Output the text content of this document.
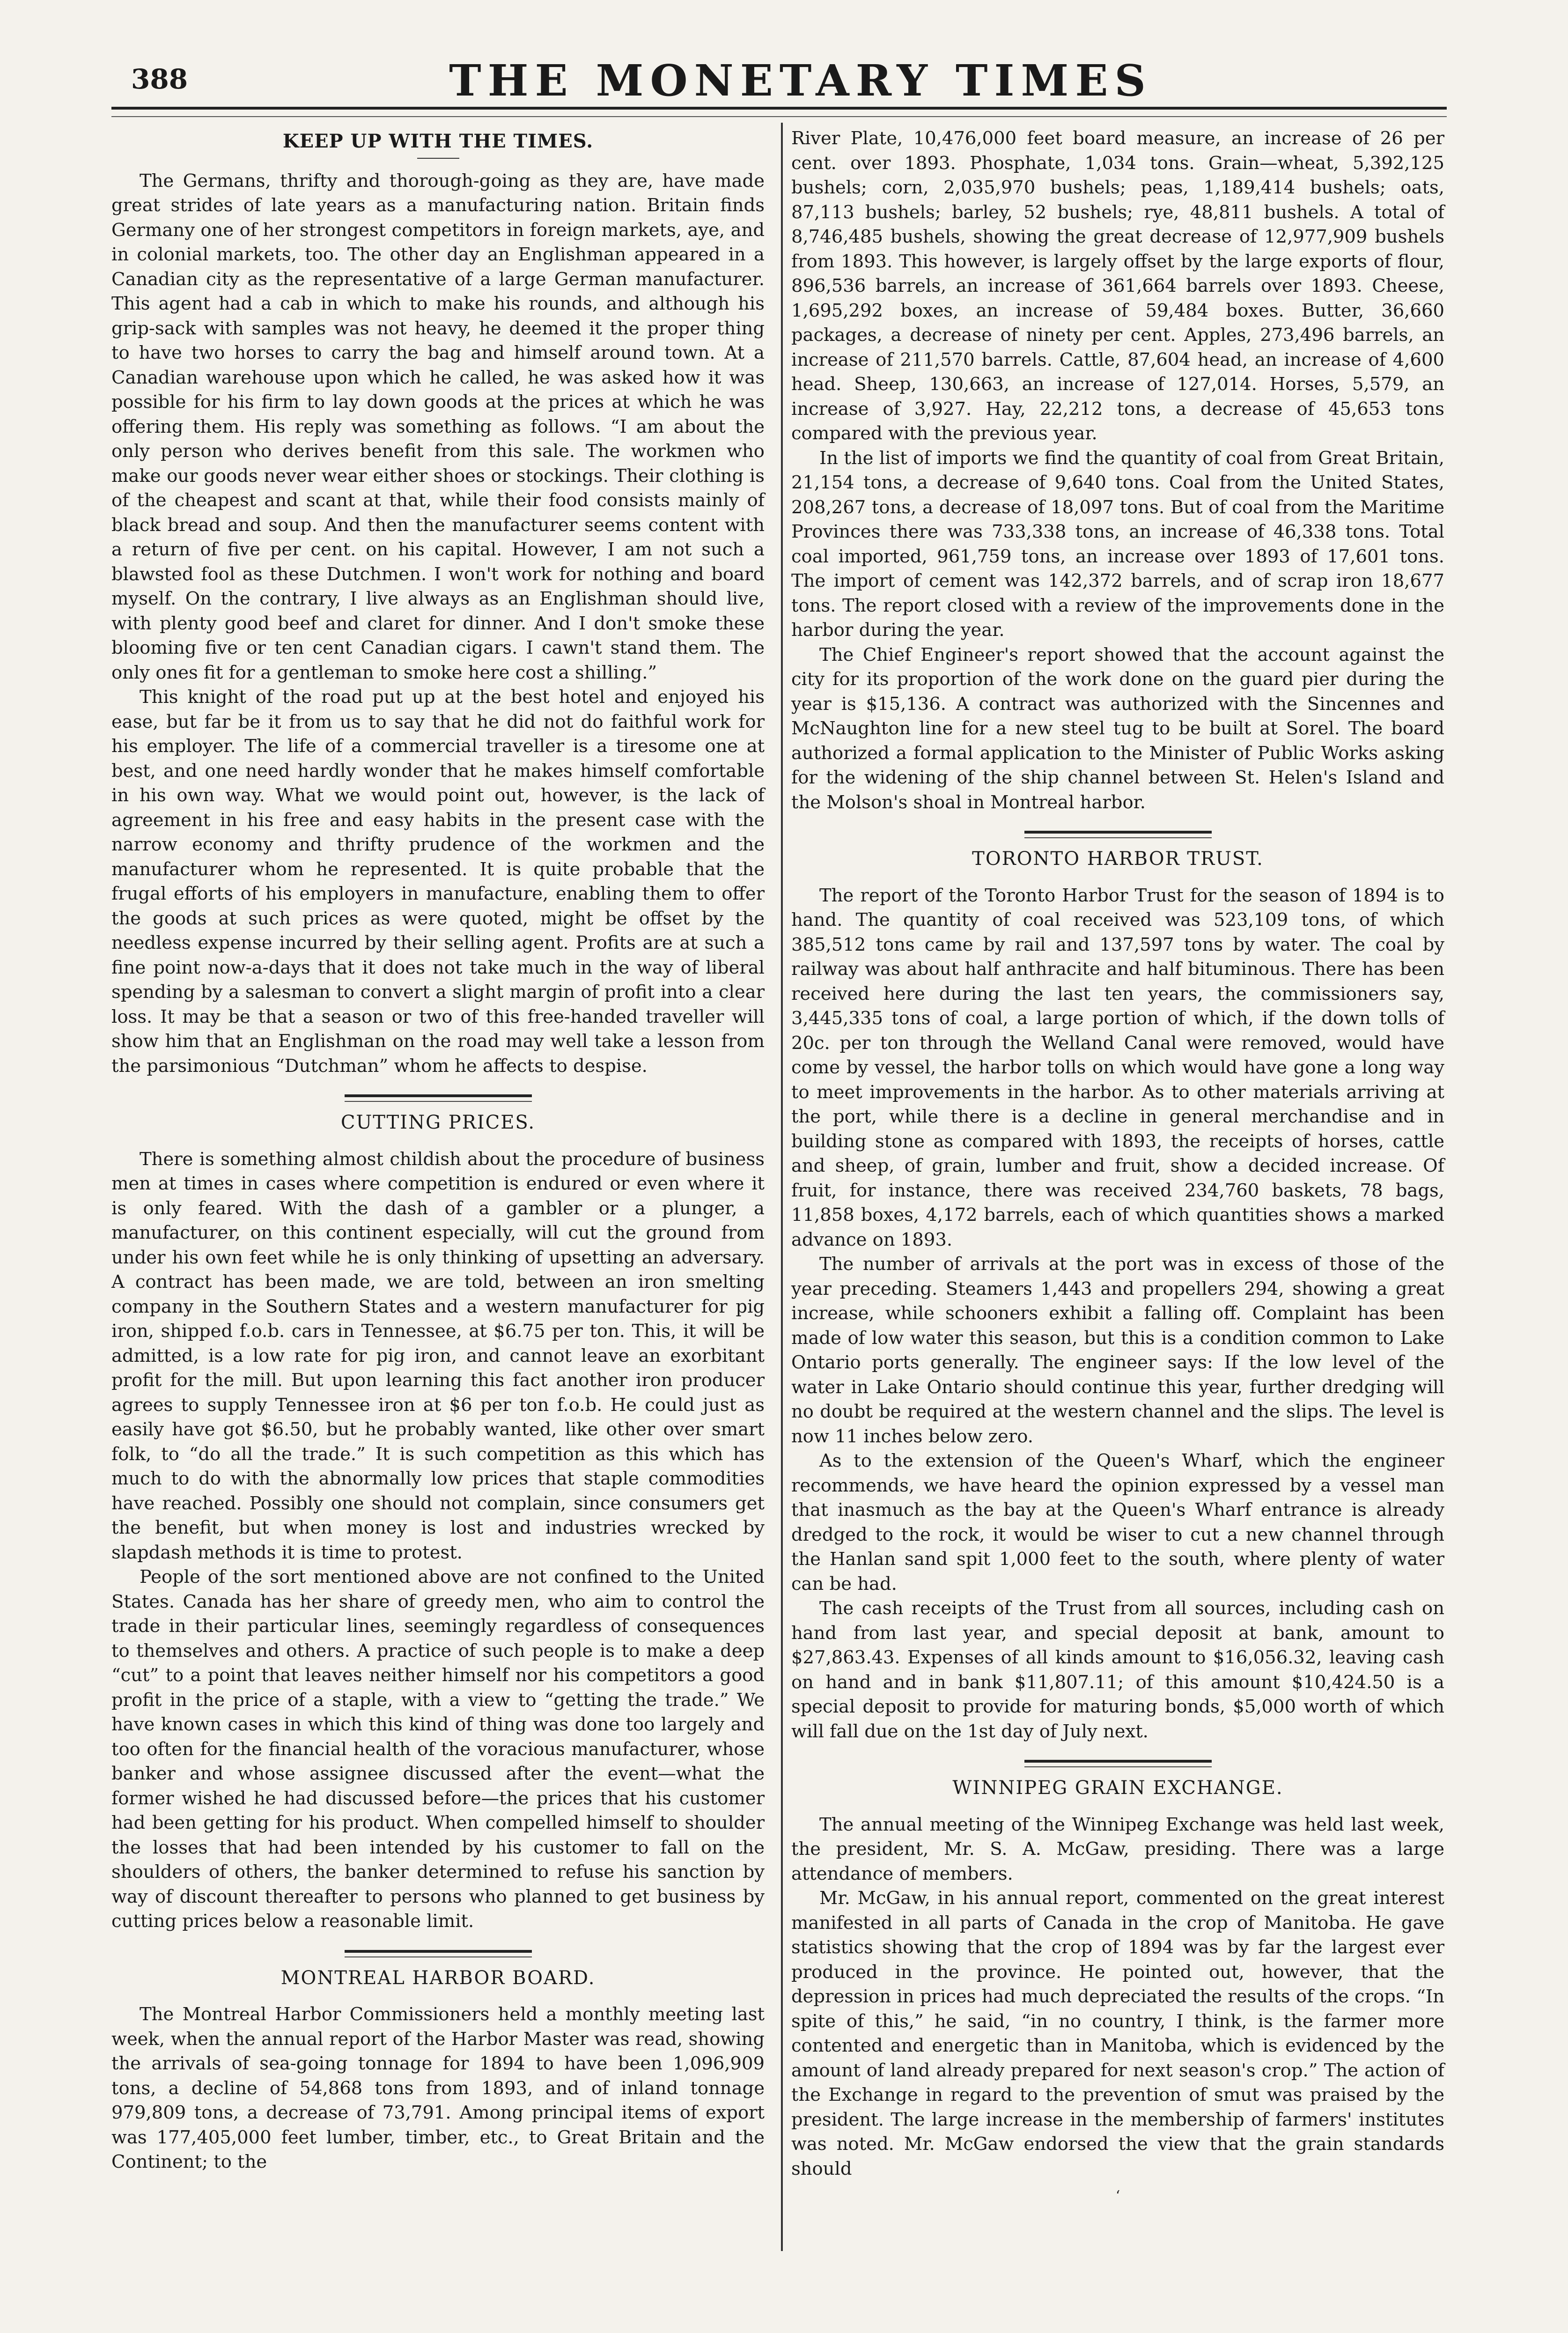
388	THE MONETARY TIMES
KEEP UP WITH THE TIMES.

The Germans, thrifty and thorough-going as they are, have made great strides of late years as a manufacturing nation. Britain finds Germany one of her strongest competitors in foreign markets, aye, and in colonial markets, too. The other day an Englishman appeared in a Canadian city as the representative of a large German manufacturer. This agent had a cab in which to make his rounds, and although his grip-sack with samples was not heavy, he deemed it the proper thing to have two horses to carry the bag and himself around town. At a Canadian warehouse upon which he called, he was asked how it was possible for his firm to lay down goods at the prices at which he was offering them. His reply was something as follows. “I am about the only person who derives benefit from this sale. The workmen who make our goods never wear either shoes or stockings. Their clothing is of the cheapest and scant at that, while their food consists mainly of black bread and soup. And then the manufacturer seems content with a return of five per cent. on his capital. However, I am not such a blawsted fool as these Dutchmen. I won't work for nothing and board myself. On the contrary, I live always as an Englishman should live, with plenty good beef and claret for dinner. And I don't smoke these blooming five or ten cent Canadian cigars. I cawn't stand them. The only ones fit for a gentleman to smoke here cost a shilling.”

This knight of the road put up at the best hotel and enjoyed his ease, but far be it from us to say that he did not do faithful work for his employer. The life of a commercial traveller is a tiresome one at best, and one need hardly wonder that he makes himself comfortable in his own way. What we would point out, however, is the lack of agreement in his free and easy habits in the present case with the narrow economy and thrifty prudence of the workmen and the manufacturer whom he represented. It is quite probable that the frugal efforts of his employers in manufacture, enabling them to offer the goods at such prices as were quoted, might be offset by the needless expense incurred by their selling agent. Profits are at such a fine point now-a-days that it does not take much in the way of liberal spending by a salesman to convert a slight margin of profit into a clear loss. It may be that a season or two of this free-handed traveller will show him that an Englishman on the road may well take a lesson from the parsimonious “Dutchman” whom he affects to despise.

CUTTING PRICES.

There is something almost childish about the procedure of business men at times in cases where competition is endured or even where it is only feared. With the dash of a gambler or a plunger, a manufacturer, on this continent especially, will cut the ground from under his own feet while he is only thinking of upsetting an adversary. A contract has been made, we are told, between an iron smelting company in the Southern States and a western manufacturer for pig iron, shipped f.o.b. cars in Tennessee, at $6.75 per ton. This, it will be admitted, is a low rate for pig iron, and cannot leave an exorbitant profit for the mill. But upon learning this fact another iron producer agrees to supply Tennessee iron at $6 per ton f.o.b. He could just as easily have got $6.50, but he probably wanted, like other over smart folk, to “do all the trade.” It is such competition as this which has much to do with the abnormally low prices that staple commodities have reached. Possibly one should not complain, since consumers get the benefit, but when money is lost and industries wrecked by slapdash methods it is time to protest.

People of the sort mentioned above are not confined to the United States. Canada has her share of greedy men, who aim to control the trade in their particular lines, seemingly regardless of consequences to themselves and others. A practice of such people is to make a deep “cut” to a point that leaves neither himself nor his competitors a good profit in the price of a staple, with a view to “getting the trade.” We have known cases in which this kind of thing was done too largely and too often for the financial health of the voracious manufacturer, whose banker and whose assignee discussed after the event—what the former wished he had discussed before—the prices that his customer had been getting for his product. When compelled himself to shoulder the losses that had been intended by his customer to fall on the shoulders of others, the banker determined to refuse his sanction by way of discount thereafter to persons who planned to get business by cutting prices below a reasonable limit.

MONTREAL HARBOR BOARD.

The Montreal Harbor Commissioners held a monthly meeting last week, when the annual report of the Harbor Master was read, showing the arrivals of sea-going tonnage for 1894 to have been 1,096,909 tons, a decline of 54,868 tons from 1893, and of inland tonnage 979,809 tons, a decrease of 73,791. Among principal items of export was 177,405,000 feet lumber, timber, etc., to Great Britain and the Continent; to the

River Plate, 10,476,000 feet board measure, an increase of 26 per cent. over 1893. Phosphate, 1,034 tons. Grain—wheat, 5,392,125 bushels; corn, 2,035,970 bushels; peas, 1,189,414 bushels; oats, 87,113 bushels; barley, 52 bushels; rye, 48,811 bushels. A total of 8,746,485 bushels, showing the great decrease of 12,977,909 bushels from 1893. This however, is largely offset by the large exports of flour, 896,536 barrels, an increase of 361,664 barrels over 1893. Cheese, 1,695,292 boxes, an increase of 59,484 boxes. Butter, 36,660 packages, a decrease of ninety per cent. Apples, 273,496 barrels, an increase of 211,570 barrels. Cattle, 87,604 head, an increase of 4,600 head. Sheep, 130,663, an increase of 127,014. Horses, 5,579, an increase of 3,927. Hay, 22,212 tons, a decrease of 45,653 tons compared with the previous year.

In the list of imports we find the quantity of coal from Great Britain, 21,154 tons, a decrease of 9,640 tons. Coal from the United States, 208,267 tons, a decrease of 18,097 tons. But of coal from the Maritime Provinces there was 733,338 tons, an increase of 46,338 tons. Total coal imported, 961,759 tons, an increase over 1893 of 17,601 tons. The import of cement was 142,372 barrels, and of scrap iron 18,677 tons. The report closed with a review of the improvements done in the harbor during the year.

The Chief Engineer's report showed that the account against the city for its proportion of the work done on the guard pier during the year is $15,136. A contract was authorized with the Sincennes and McNaughton line for a new steel tug to be built at Sorel. The board authorized a formal application to the Minister of Public Works asking for the widening of the ship channel between St. Helen's Island and the Molson's shoal in Montreal harbor.

TORONTO HARBOR TRUST.

The report of the Toronto Harbor Trust for the season of 1894 is to hand. The quantity of coal received was 523,109 tons, of which 385,512 tons came by rail and 137,597 tons by water. The coal by railway was about half anthracite and half bituminous. There has been received here during the last ten years, the commissioners say, 3,445,335 tons of coal, a large portion of which, if the down tolls of 20c. per ton through the Welland Canal were removed, would have come by vessel, the harbor tolls on which would have gone a long way to meet improvements in the harbor. As to other materials arriving at the port, while there is a decline in general merchandise and in building stone as compared with 1893, the receipts of horses, cattle and sheep, of grain, lumber and fruit, show a decided increase. Of fruit, for instance, there was received 234,760 baskets, 78 bags, 11,858 boxes, 4,172 barrels, each of which quantities shows a marked advance on 1893.

The number of arrivals at the port was in excess of those of the year preceding. Steamers 1,443 and propellers 294, showing a great increase, while schooners exhibit a falling off. Complaint has been made of low water this season, but this is a condition common to Lake Ontario ports generally. The engineer says: If the low level of the water in Lake Ontario should continue this year, further dredging will no doubt be required at the western channel and the slips. The level is now 11 inches below zero.

As to the extension of the Queen's Wharf, which the engineer recommends, we have heard the opinion expressed by a vessel man that inasmuch as the bay at the Queen's Wharf entrance is already dredged to the rock, it would be wiser to cut a new channel through the Hanlan sand spit 1,000 feet to the south, where plenty of water can be had.

The cash receipts of the Trust from all sources, including cash on hand from last year, and special deposit at bank, amount to $27,863.43. Expenses of all kinds amount to $16,056.32, leaving cash on hand and in bank $11,807.11; of this amount $10,424.50 is a special deposit to provide for maturing bonds, $5,000 worth of which will fall due on the 1st day of July next.

WINNIPEG GRAIN EXCHANGE.

The annual meeting of the Winnipeg Exchange was held last week, the president, Mr. S. A. McGaw, presiding. There was a large attendance of members.

Mr. McGaw, in his annual report, commented on the great interest manifested in all parts of Canada in the crop of Manitoba. He gave statistics showing that the crop of 1894 was by far the largest ever produced in the province. He pointed out, however, that the depression in prices had much depreciated the results of the crops. “In spite of this,” he said, “in no country, I think, is the farmer more contented and energetic than in Manitoba, which is evidenced by the amount of land already prepared for next season's crop.” The action of the Exchange in regard to the prevention of smut was praised by the president. The large increase in the membership of farmers' institutes was noted. Mr. McGaw endorsed the view that the grain standards should

‘
